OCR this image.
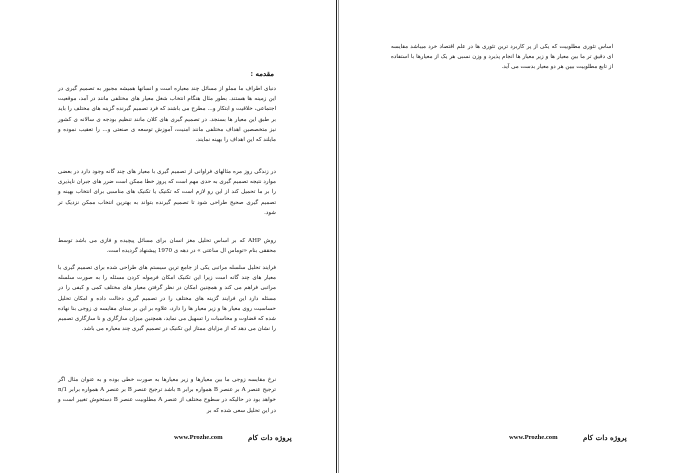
مقدمه :

دنیای اطراف ما مملو از مسائل چند معیاره است و انسانها همیشه مجبور به تصمیم گیری در این زمینه ها هستند. بطور مثال هنگام انتخاب شغل معیار های مختلفی مانند در آمد، موقعیت اجتماعی، خلاقیت و ابتکار و... مطرح می باشند که فرد تصمیم گیرنده گزینه های مختلف را باید بر طبق این معیار ها بسنجد. در تصمیم گیری های کلان مانند تنظیم بودجه ی سالانه ی کشور نیز متخصصین اهداف مختلفی مانند امنیت، آموزش توسعه ی صنعتی و... را تعقیب نموده و مایلند که این اهداف را بهینه نمایند.

در زندگی روز مره مثالهای فراوانی از تصمیم گیری با معیار های چند گانه وجود دارد در بعضی موارد نتیجه تصمیم گیری به حدی مهم است که پروز خطا ممکن است ضرر های جبران ناپذیری را بر ما تحمیل کند از این رو لازم است که تکنیک یا تکنیک های مناسبی برای انتخاب بهینه و تصمیم گیری صحیح طراحی شود تا تصمیم گیرنده بتواند به بهترین انتخاب ممکن نزدیک تر شود.

روش AHP که بر اساس تحلیل مغز انسان برای مسائل پیچیده و فازی می باشد توسط محققی بنام «توماس ال ساعتی » در دهه ی 1970 پیشنهاد گردیده است.

فرایند تحلیل سلسله مراتبی یکی از جامع ترین سیستم های طراحی شده برای تصمیم گیری با معیار های چند گانه است زیرا این تکنیک امکان فرموله کردن مسئله را به صورت سلسله مراتبی فراهم می کند و همچنین امکان در نظر گرفتن معیار های مختلف کمی و کیفی را در مسئله دارد این فرایند گزینه های مختلف را در تصمیم گیری دخالت داده و امکان تحلیل حساسیت روی معیار ها و زیر معیار ها را دارد، علاوه بر این بر مبنای مقایسه ی زوجی بنا نهاده شده که قضاوت و محاسبات را تسهیل می نماید، همچنین میزان سازگاری و نا سازگاری تصمیم را نشان می دهد که از مزایای ممتاز این تکنیک در تصمیم گیری چند معیاره می باشد.

نرخ مقایسه زوجی ما بین معیارها و زیر معیارها به صورت خطی بوده و به عنوان مثال اگر ترجیح عنصر A بر عنصر B همواره برابر n باشد ترجیح عنصر B بر عنصر A همواره برابر 1/n خواهد بود در حالیکه در سطوح مختلف از عنصر A مطلوبیت عنصر B دستخوش تغییر است و در این تحلیل سعی شده که بر

پروژه دات کام
www.Prozhe.com

اساس تئوری مطلوبیت که یکی از پر کاربرد ترین تئوری ها در علم اقتصاد خرد میباشد مقایسه ای دقیق تر ما بین معیار ها و زیر معیار ها انجام پذیرد و وزن نسبی هر یک از معیارها با استفاده از تابع مطلوبیت بیین هر دو معیار بدست می آید.

پروژه دات کام
www.Prozhe.com
